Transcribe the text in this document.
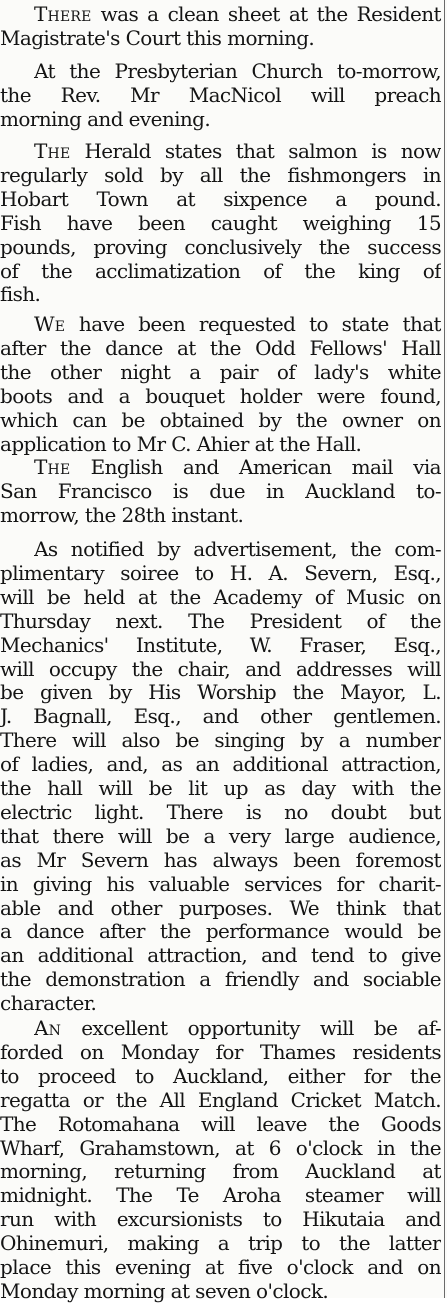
There was a clean sheet at the Resident
Magistrate's Court this morning.
At the Presbyterian Church to-morrow,
the Rev. Mr MacNicol will preach
morning and evening.
The Herald states that salmon is now
regularly sold by all the fishmongers in
Hobart Town at sixpence a pound.
Fish have been caught weighing 15
pounds, proving conclusively the success
of the acclimatization of the king of
fish.
We have been requested to state that
after the dance at the Odd Fellows' Hall
the other night a pair of lady's white
boots and a bouquet holder were found,
which can be obtained by the owner on
application to Mr C. Ahier at the Hall.
The English and American mail via
San Francisco is due in Auckland to-
morrow, the 28th instant.
As notified by advertisement, the com-
plimentary soiree to H. A. Severn, Esq.,
will be held at the Academy of Music on
Thursday next. The President of the
Mechanics' Institute, W. Fraser, Esq.,
will occupy the chair, and addresses will
be given by His Worship the Mayor, L.
J. Bagnall, Esq., and other gentlemen.
There will also be singing by a number
of ladies, and, as an additional attraction,
the hall will be lit up as day with the
electric light. There is no doubt but
that there will be a very large audience,
as Mr Severn has always been foremost
in giving his valuable services for charit-
able and other purposes. We think that
a dance after the performance would be
an additional attraction, and tend to give
the demonstration a friendly and sociable
character.
An excellent opportunity will be af-
forded on Monday for Thames residents
to proceed to Auckland, either for the
regatta or the All England Cricket Match.
The Rotomahana will leave the Goods
Wharf, Grahamstown, at 6 o'clock in the
morning, returning from Auckland at
midnight. The Te Aroha steamer will
run with excursionists to Hikutaia and
Ohinemuri, making a trip to the latter
place this evening at five o'clock and on
Monday morning at seven o'clock.
